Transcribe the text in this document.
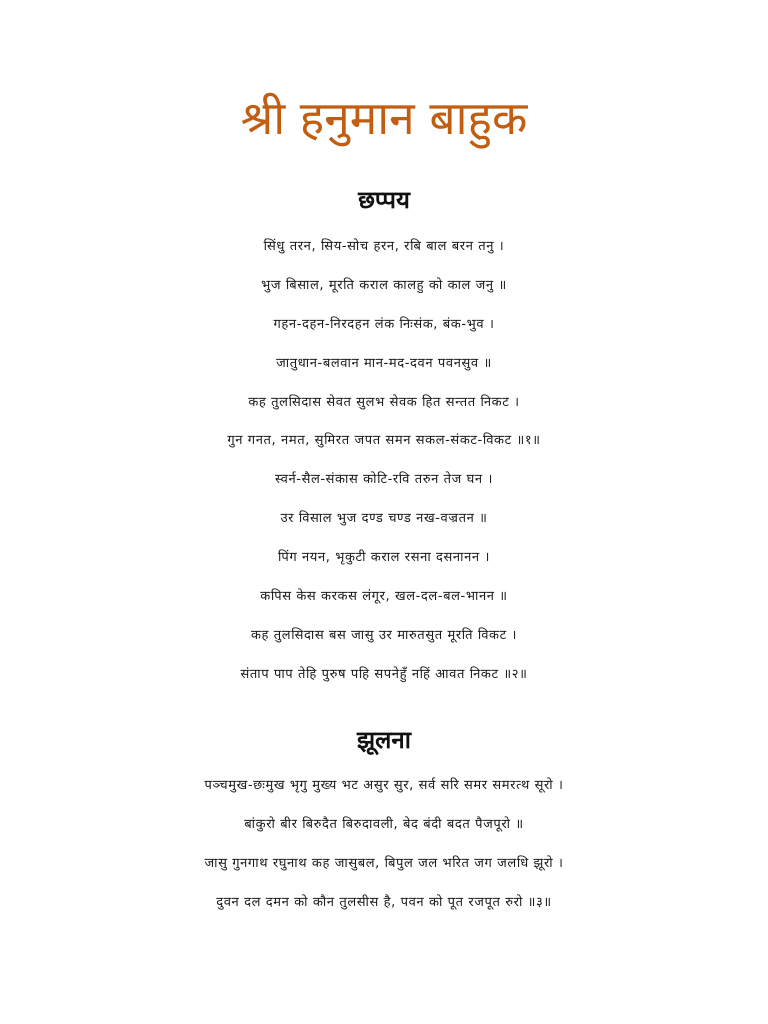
श्री हनुमान बाहुक
छप्पय
सिंधु तरन, सिय-सोच हरन, रबि बाल बरन तनु ।
भुज बिसाल, मूरति कराल कालहु को काल जनु ॥
गहन-दहन-निरदहन लंक निःसंक, बंक-भुव ।
जातुधान-बलवान मान-मद-दवन पवनसुव ॥
कह तुलसिदास सेवत सुलभ सेवक हित सन्तत निकट ।
गुन गनत, नमत, सुमिरत जपत समन सकल-संकट-विकट ॥१॥
स्वर्न-सैल-संकास कोटि-रवि तरुन तेज घन ।
उर विसाल भुज दण्ड चण्ड नख-वज्रतन ॥
पिंग नयन, भृकुटी कराल रसना दसनानन ।
कपिस केस करकस लंगूर, खल-दल-बल-भानन ॥
कह तुलसिदास बस जासु उर मारुतसुत मूरति विकट ।
संताप पाप तेहि पुरुष पहि सपनेहुँ नहिं आवत निकट ॥२॥
झूलना
पञ्चमुख-छःमुख भृगु मुख्य भट असुर सुर, सर्व सरि समर समरत्थ सूरो ।
बांकुरो बीर बिरुदैत बिरुदावली, बेद बंदी बदत पैजपूरो ॥
जासु गुनगाथ रघुनाथ कह जासुबल, बिपुल जल भरित जग जलधि झूरो ।
दुवन दल दमन को कौन तुलसीस है, पवन को पूत रजपूत रुरो ॥३॥
